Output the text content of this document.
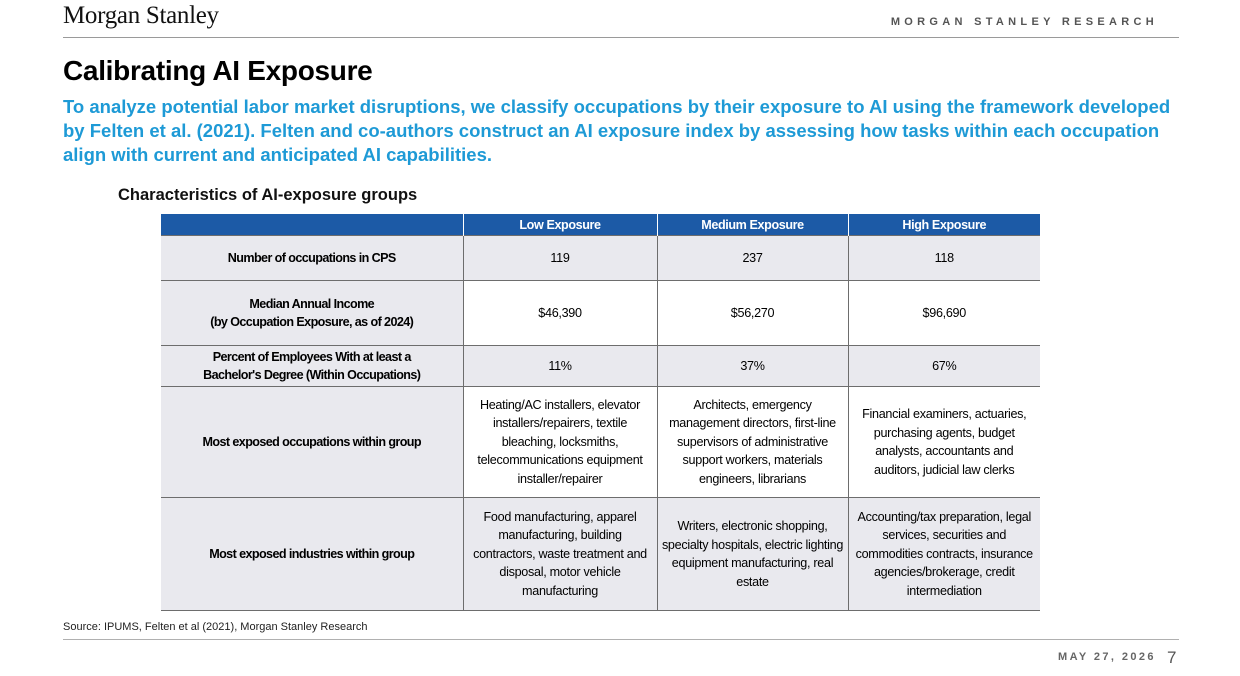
Morgan Stanley	MORGAN STANLEY RESEARCH
Calibrating AI Exposure

To analyze potential labor market disruptions, we classify occupations by their exposure to AI using the framework developed by Felten et al. (2021). Felten and co-authors construct an AI exposure index by assessing how tasks within each occupation align with current and anticipated AI capabilities.

Characteristics of AI-exposure groups
	Low Exposure	Medium Exposure	High Exposure
Number of occupations in CPS	119	237	118
Median Annual Income
(by Occupation Exposure, as of 2024)	$46,390	$56,270	$96,690
Percent of Employees With at least a
Bachelor's Degree (Within Occupations)	11%	37%	67%
Most exposed occupations within group	Heating/AC installers, elevator installers/repairers, textile bleaching, locksmiths, telecommunications equipment installer/repairer	Architects, emergency management directors, first-line supervisors of administrative support workers, materials engineers, librarians	Financial examiners, actuaries, purchasing agents, budget analysts, accountants and auditors, judicial law clerks
Most exposed industries within group	Food manufacturing, apparel manufacturing, building contractors, waste treatment and disposal, motor vehicle manufacturing	Writers, electronic shopping, specialty hospitals, electric lighting equipment manufacturing, real estate	Accounting/tax preparation, legal services, securities and commodities contracts, insurance agencies/brokerage, credit intermediation
Source: IPUMS, Felten et al (2021), Morgan Stanley Research
MAY 27, 2026 7
